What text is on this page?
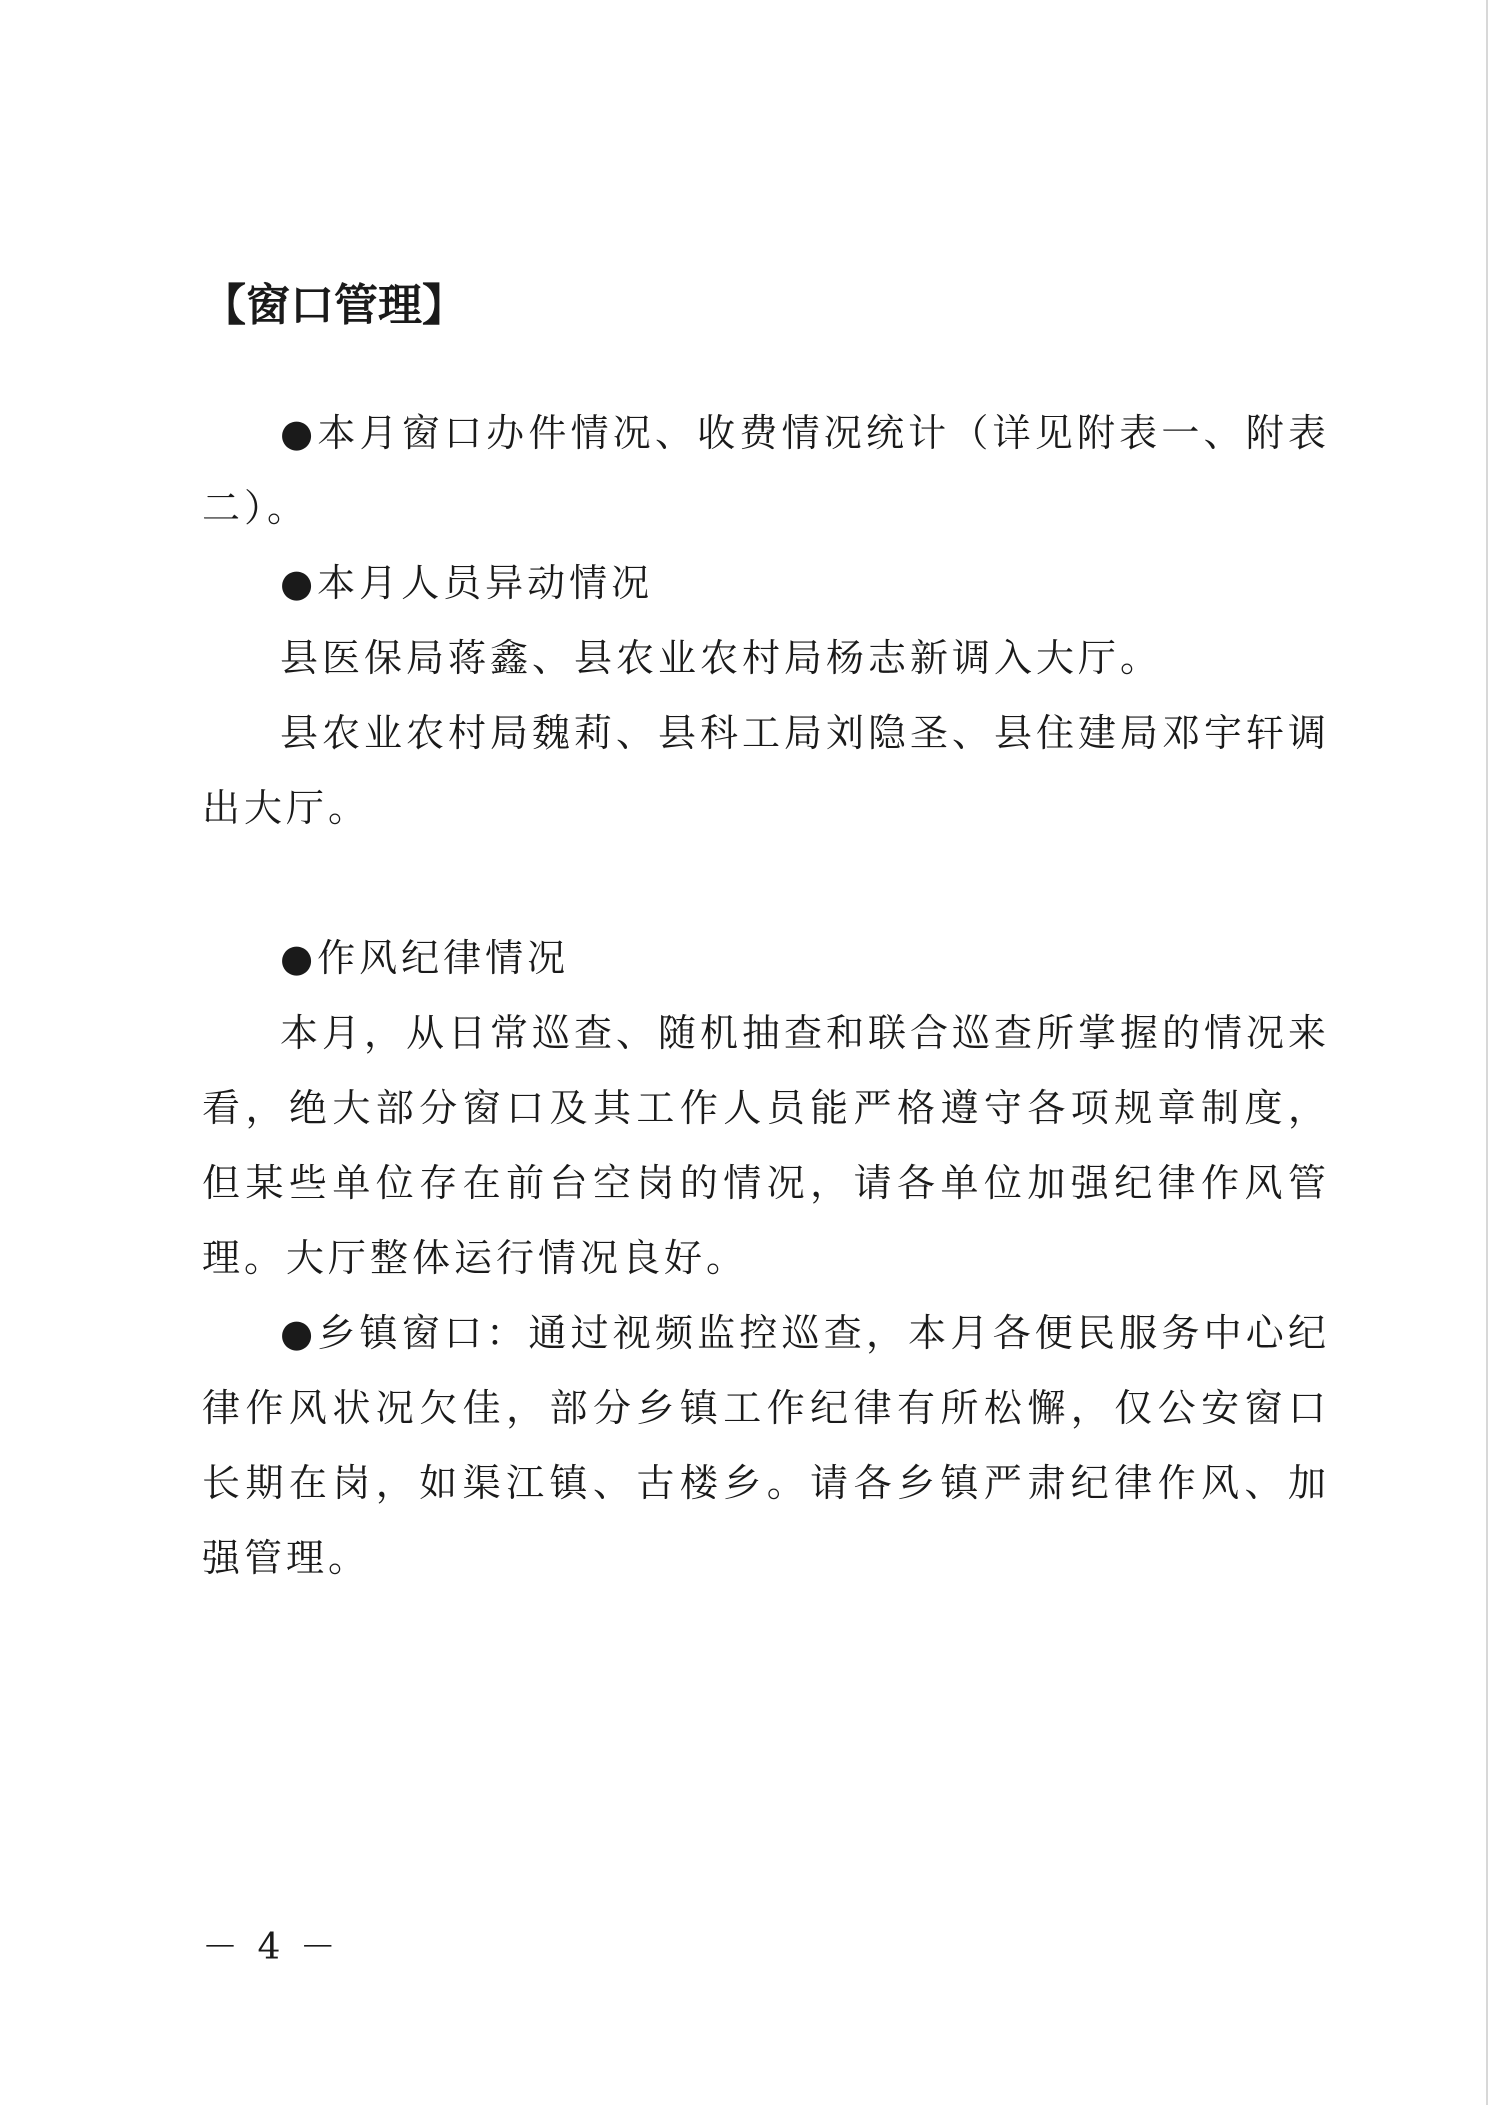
【窗口管理】

●本月窗口办件情况、收费情况统计（详见附表一、附表二）。

●本月人员异动情况

县医保局蒋鑫、县农业农村局杨志新调入大厅。

县农业农村局魏莉、县科工局刘隐圣、县住建局邓宇轩调出大厅。

●作风纪律情况

本月，从日常巡查、随机抽查和联合巡查所掌握的情况来看，绝大部分窗口及其工作人员能严格遵守各项规章制度，但某些单位存在前台空岗的情况，请各单位加强纪律作风管理。大厅整体运行情况良好。

●乡镇窗口：通过视频监控巡查，本月各便民服务中心纪律作风状况欠佳，部分乡镇工作纪律有所松懈，仅公安窗口长期在岗，如渠江镇、古楼乡。请各乡镇严肃纪律作风、加强管理。

－ 4 －
